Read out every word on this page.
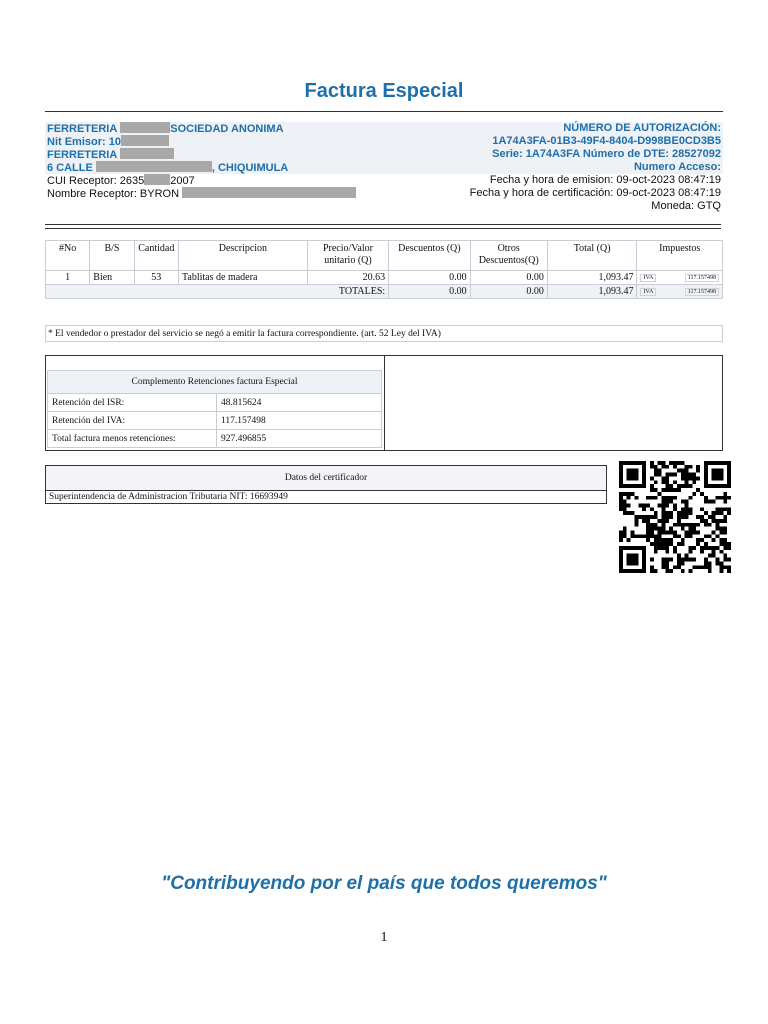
Factura Especial
FERRETERIA	SOCIEDAD ANONIMA	NÚMERO DE AUTORIZACIÓN:
Nit Emisor: 10	1A74A3FA-01B3-49F4-8404-D998BE0CD3B5
FERRETERIA	Serie: 1A74A3FA Número de DTE: 28527092
6 CALLE	, CHIQUIMULA	Numero Acceso:
CUI Receptor: 2635 2007	Fecha y hora de emision: 09-oct-2023 08:47:19
Nombre Receptor: BYRON	Fecha y hora de certificación: 09-oct-2023 08:47:19
Moneda: GTQ
#No	B/S	Cantidad	Descripcion	Precio/Valor unitario (Q)	Descuentos (Q)	Otros Descuentos(Q)	Total (Q)	Impuestos
1	Bien	53	Tablitas de madera	20.63	0.00	0.00	1,093.47	IVA 117.157498

TOTALES:					0.00	0.00	1,093.47	IVA 117.157498
* El vendedor o prestador del servicio se negó a emitir la factura correspondiente. (art. 52 Ley del IVA)
Complemento Retenciones factura Especial	
Retención del ISR:	48.815624
Retención del IVA:	117.157498
Total factura menos retenciones:	927.496855
Datos del certificador
Superintendencia de Administracion Tributaria NIT: 16693949
"Contribuyendo por el país que todos queremos"
1
